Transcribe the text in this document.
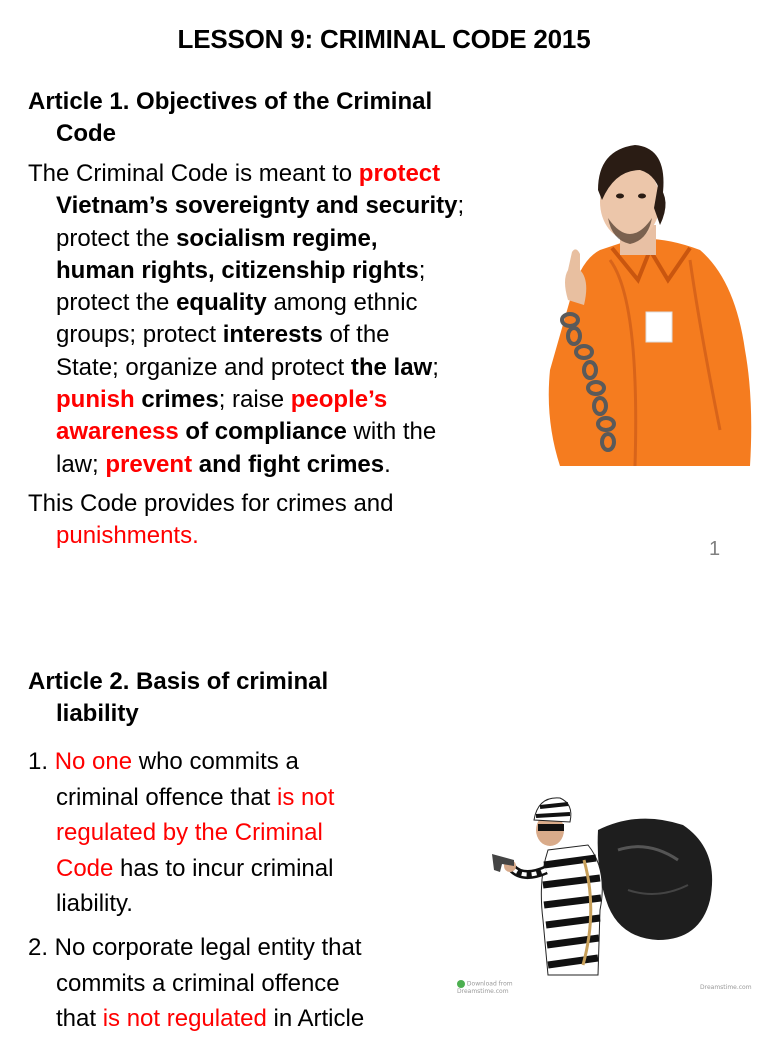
LESSON 9: CRIMINAL CODE 2015
Article 1. Objectives of the Criminal
Code
The Criminal Code is meant to protect
Vietnam’s sovereignty and security;
protect the socialism regime,
human rights, citizenship rights;
protect the equality among ethnic
groups; protect interests of the
State; organize and protect the law;
punish crimes; raise people’s
awareness of compliance with the
law; prevent and fight crimes.
This Code provides for crimes and
punishments.	1
Article 2. Basis of criminal
liability
1. No one who commits a
criminal offence that is not
regulated by the Criminal
Code has to incur criminal
liability.
2. No corporate legal entity that
commits a criminal offence
that is not regulated in Article
Download from
Dreamstime.com
Dreamstime.com
